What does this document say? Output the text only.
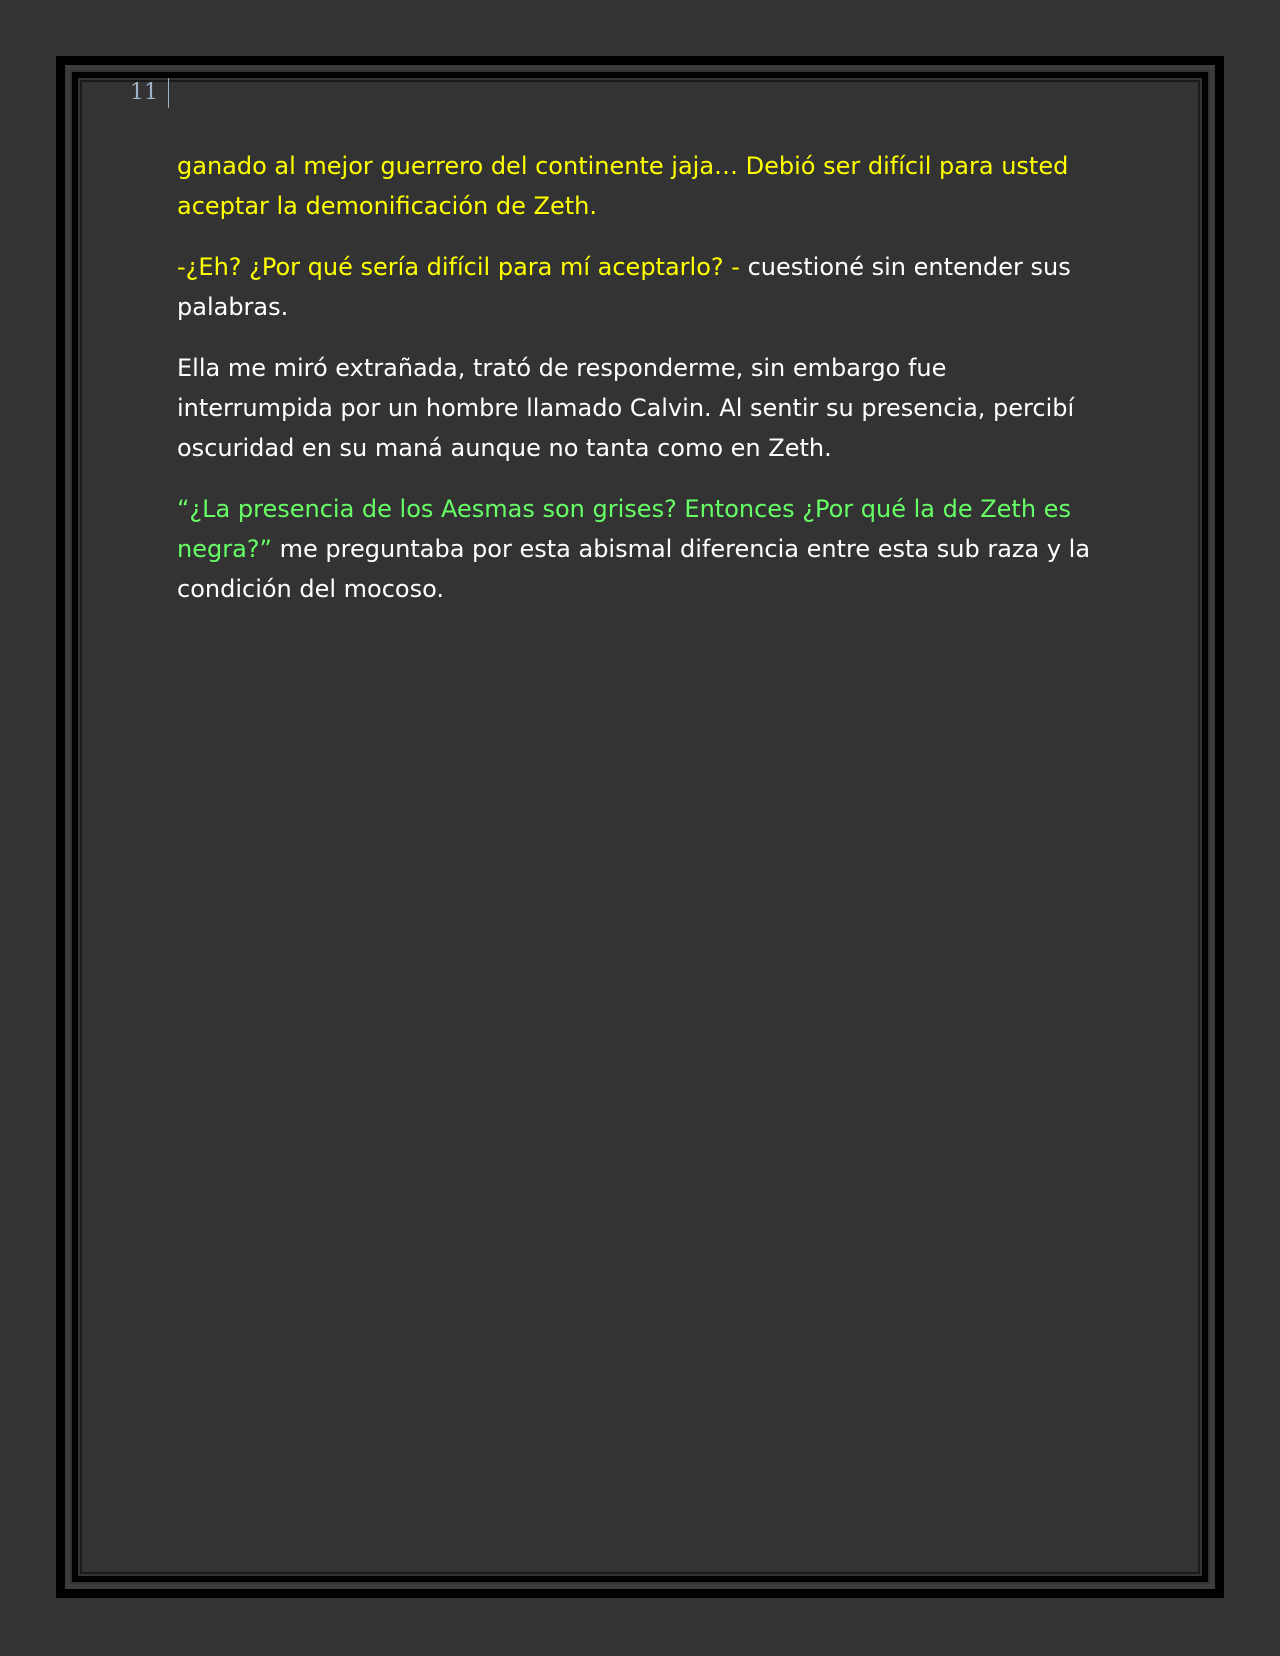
11

ganado al mejor guerrero del continente jaja… Debió ser difícil para usted aceptar la demonificación de Zeth.

-¿Eh? ¿Por qué sería difícil para mí aceptarlo? - cuestioné sin entender sus palabras.

Ella me miró extrañada, trató de responderme, sin embargo fue interrumpida por un hombre llamado Calvin. Al sentir su presencia, percibí oscuridad en su maná aunque no tanta como en Zeth.

“¿La presencia de los Aesmas son grises? Entonces ¿Por qué la de Zeth es negra?” me preguntaba por esta abismal diferencia entre esta sub raza y la condición del mocoso.
